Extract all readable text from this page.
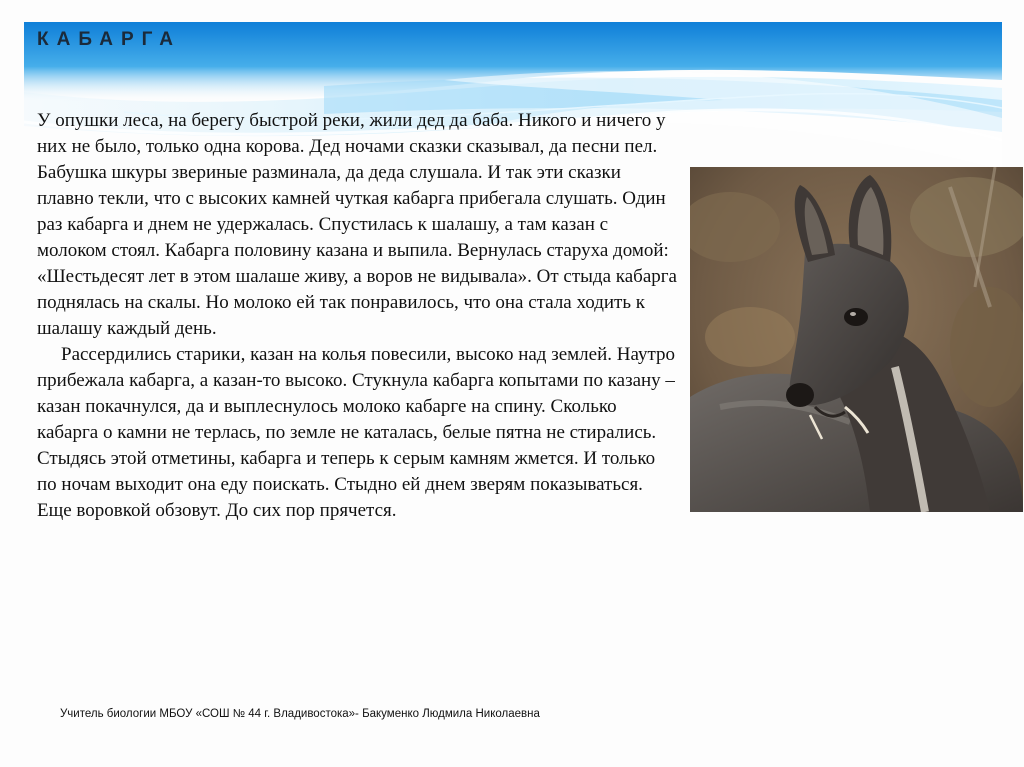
КАБАРГА

У опушки леса, на берегу быстрой реки, жили дед да баба. Никого и ничего у них не было, только одна корова. Дед ночами сказки сказывал, да песни пел. Бабушка шкуры звериные разминала, да деда слушала. И так эти сказки плавно текли, что с высоких камней чуткая кабарга прибегала слушать. Один раз кабарга и днем не удержалась. Спустилась к шалашу, а там казан с молоком стоял. Кабарга половину казана и выпила. Вернулась старуха домой: «Шестьдесят лет в этом шалаше живу, а воров не видывала». От стыда кабарга поднялась на скалы. Но молоко ей так понравилось, что она стала ходить к шалашу каждый день.

Рассердились старики, казан на колья повесили, высоко над землей. Наутро прибежала кабарга, а казан-то высоко. Стукнула кабарга копытами по казану – казан покачнулся, да и выплеснулось молоко кабарге на спину. Сколько кабарга о камни не терлась, по земле не каталась, белые пятна не стирались. Стыдясь этой отметины, кабарга и теперь к серым камням жмется. И только по ночам выходит она еду поискать. Стыдно ей днем зверям показываться. Еще воровкой обзовут. До сих пор прячется.

Учитель биологии МБОУ «СОШ № 44 г. Владивостока»- Бакуменко Людмила Николаевна
